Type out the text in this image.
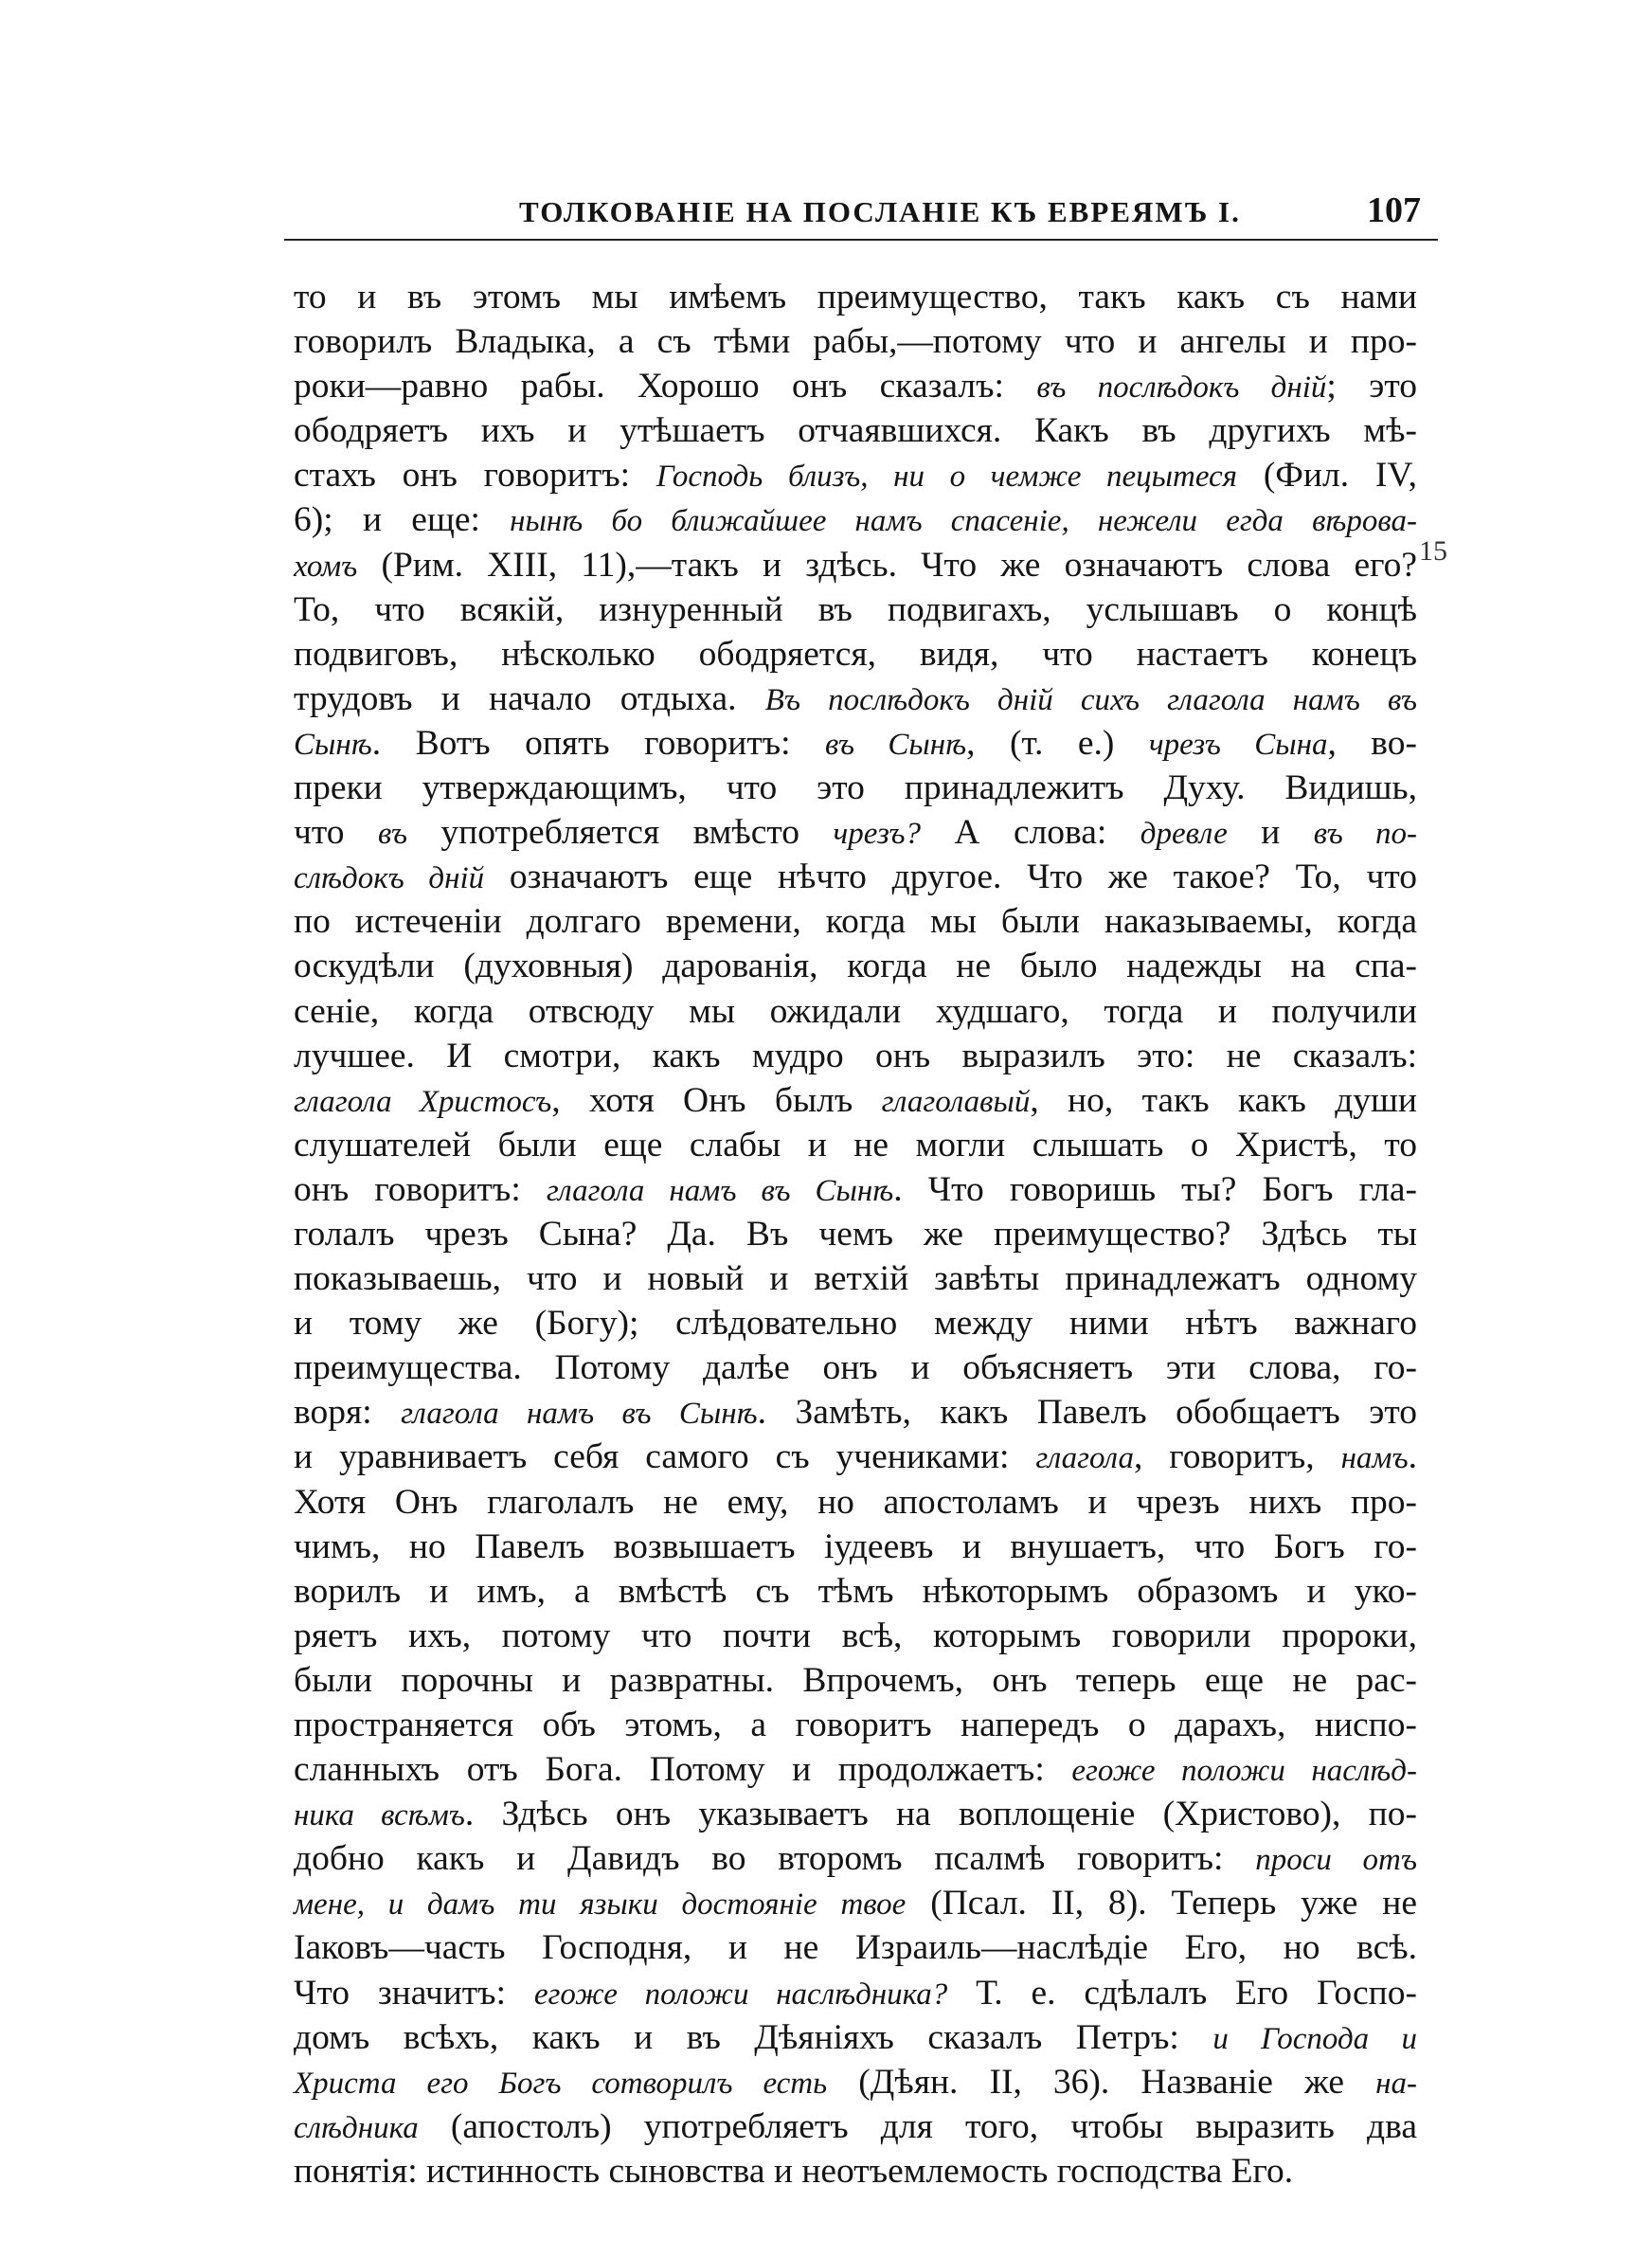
ТОЛКОВАНІЕ НА ПОСЛАНІЕ КЪ ЕВРЕЯМЪ I.	107
то и въ этомъ мы имѣемъ преимущество, такъ какъ съ нами
говорилъ Владыка, а съ тѣми рабы,—потому что и ангелы и про-
роки—равно рабы. Хорошо онъ сказалъ: въ послѣдокъ дній; это
ободряетъ ихъ и утѣшаетъ отчаявшихся. Какъ въ другихъ мѣ-
стахъ онъ говоритъ: Господь близъ, ни о чемже пецытеся (Фил. IV,
6); и еще: нынѣ бо ближайшее намъ спасеніе, нежели егда вѣрова-
хомъ (Рим. XIII, 11),—такъ и здѣсь. Что же означаютъ слова его?
То, что всякій, изнуренный въ подвигахъ, услышавъ о концѣ
подвиговъ, нѣсколько ободряется, видя, что настаетъ конецъ
трудовъ и начало отдыха. Въ послѣдокъ дній сихъ глагола намъ въ
Сынѣ. Вотъ опять говоритъ: въ Сынѣ, (т. е.) чрезъ Сына, во-
преки утверждающимъ, что это принадлежитъ Духу. Видишь,
что въ употребляется вмѣсто чрезъ? А слова: древле и въ по-
слѣдокъ дній означаютъ еще нѣчто другое. Что же такое? То, что
по истеченіи долгаго времени, когда мы были наказываемы, когда
оскудѣли (духовныя) дарованія, когда не было надежды на спа-
сеніе, когда отвсюду мы ожидали худшаго, тогда и получили
лучшее. И смотри, какъ мудро онъ выразилъ это: не сказалъ:
глагола Христосъ, хотя Онъ былъ глаголавый, но, такъ какъ души
слушателей были еще слабы и не могли слышать о Христѣ, то
онъ говоритъ: глагола намъ въ Сынѣ. Что говоришь ты? Богъ гла-
голалъ чрезъ Сына? Да. Въ чемъ же преимущество? Здѣсь ты
показываешь, что и новый и ветхій завѣты принадлежатъ одному
и тому же (Богу); слѣдовательно между ними нѣтъ важнаго
преимущества. Потому далѣе онъ и объясняетъ эти слова, го-
воря: глагола намъ въ Сынѣ. Замѣть, какъ Павелъ обобщаетъ это
и уравниваетъ себя самого съ учениками: глагола, говоритъ, намъ.
Хотя Онъ глаголалъ не ему, но апостоламъ и чрезъ нихъ про-
чимъ, но Павелъ возвышаетъ іудеевъ и внушаетъ, что Богъ го-
ворилъ и имъ, а вмѣстѣ съ тѣмъ нѣкоторымъ образомъ и уко-
ряетъ ихъ, потому что почти всѣ, которымъ говорили пророки,
были порочны и развратны. Впрочемъ, онъ теперь еще не рас-
пространяется объ этомъ, а говоритъ напередъ о дарахъ, ниспо-
сланныхъ отъ Бога. Потому и продолжаетъ: егоже положи наслѣд-
ника всѣмъ. Здѣсь онъ указываетъ на воплощеніе (Христово), по-
добно какъ и Давидъ во второмъ псалмѣ говоритъ: проси отъ
мене, и дамъ ти языки достояніе твое (Псал. II, 8). Теперь уже не
Іаковъ—часть Господня, и не Израиль—наслѣдіе Его, но всѣ.
Что значитъ: егоже положи наслѣдника? Т. е. сдѣлалъ Его Госпо-
домъ всѣхъ, какъ и въ Дѣяніяхъ сказалъ Петръ: и Господа и
Христа его Богъ сотворилъ есть (Дѣян. II, 36). Названіе же на-
слѣдника (апостолъ) употребляетъ для того, чтобы выразить два
понятія: истинность сыновства и неотъемлемость господства Его.
15
